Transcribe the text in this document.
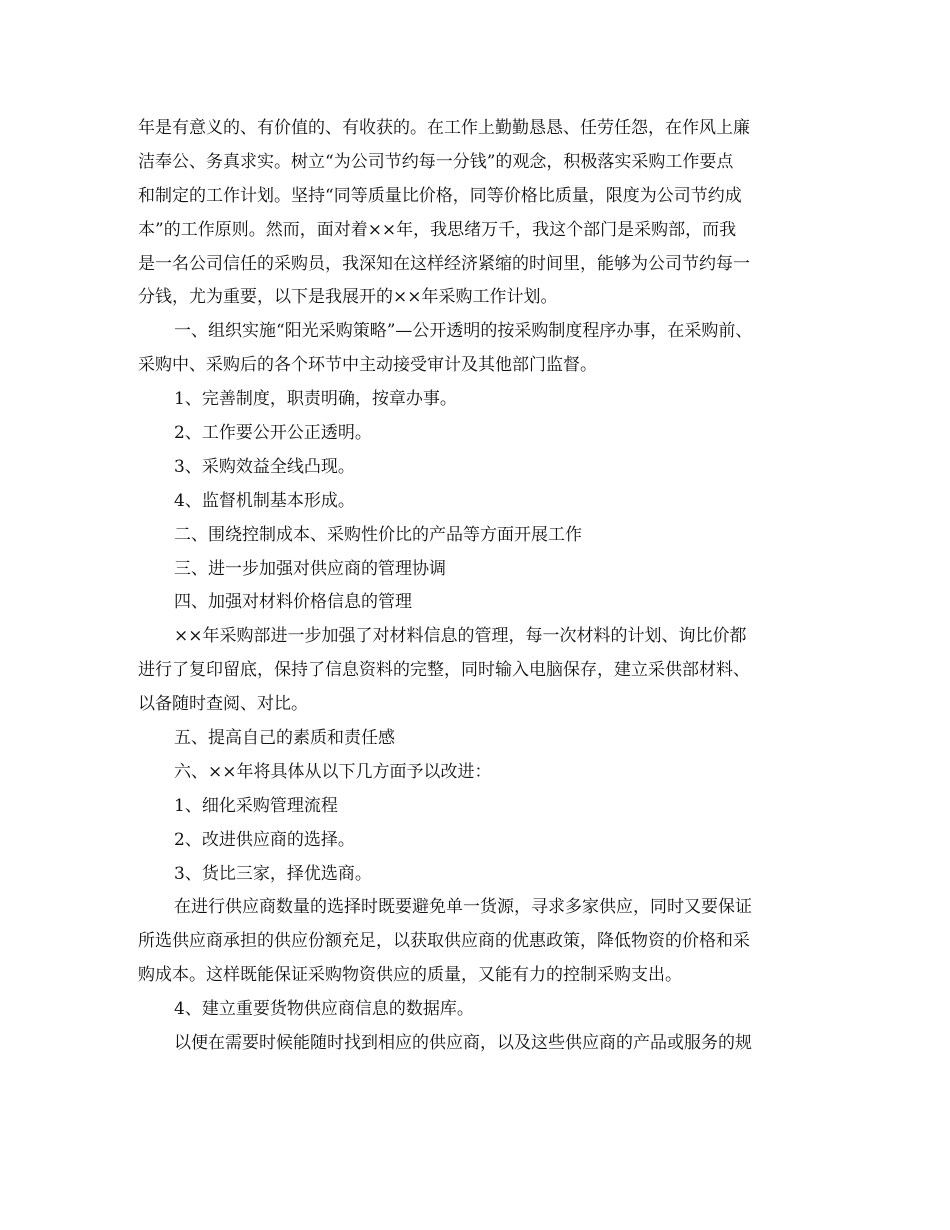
年是有意义的、有价值的、有收获的。在工作上勤勤恳恳、任劳任怨，在作风上廉
洁奉公、务真求实。树立“为公司节约每一分钱”的观念，积极落实采购工作要点
和制定的工作计划。坚持“同等质量比价格，同等价格比质量，限度为公司节约成
本”的工作原则。然而，面对着××年，我思绪万千，我这个部门是采购部，而我
是一名公司信任的采购员，我深知在这样经济紧缩的时间里，能够为公司节约每一
分钱，尤为重要，以下是我展开的××年采购工作计划。
一、组织实施“阳光采购策略”—公开透明的按采购制度程序办事，在采购前、
采购中、采购后的各个环节中主动接受审计及其他部门监督。
1、完善制度，职责明确，按章办事。
2、工作要公开公正透明。
3、采购效益全线凸现。
4、监督机制基本形成。
二、围绕控制成本、采购性价比的产品等方面开展工作
三、进一步加强对供应商的管理协调
四、加强对材料价格信息的管理
××年采购部进一步加强了对材料信息的管理，每一次材料的计划、询比价都
进行了复印留底，保持了信息资料的完整，同时输入电脑保存，建立采供部材料、
以备随时查阅、对比。
五、提高自己的素质和责任感
六、××年将具体从以下几方面予以改进：
1、细化采购管理流程
2、改进供应商的选择。
3、货比三家，择优选商。
在进行供应商数量的选择时既要避免单一货源，寻求多家供应，同时又要保证
所选供应商承担的供应份额充足，以获取供应商的优惠政策，降低物资的价格和采
购成本。这样既能保证采购物资供应的质量，又能有力的控制采购支出。
4、建立重要货物供应商信息的数据库。
以便在需要时候能随时找到相应的供应商，以及这些供应商的产品或服务的规
